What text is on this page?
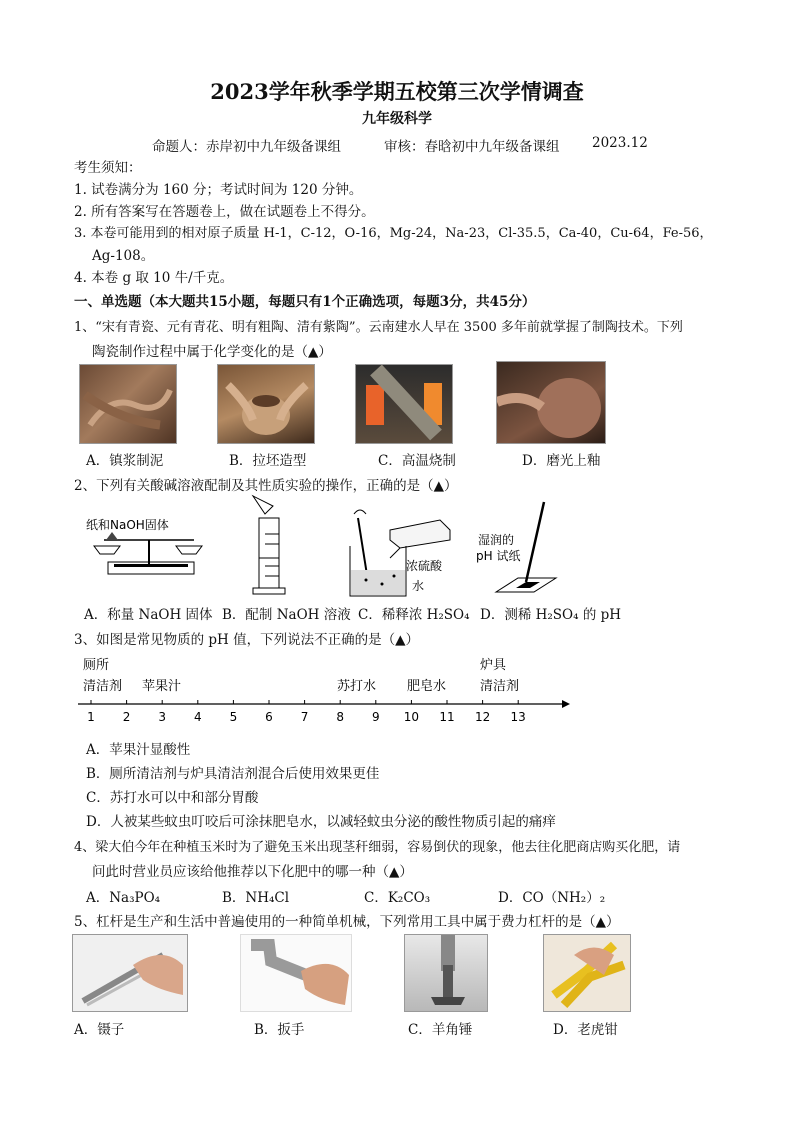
2023学年秋季学期五校第三次学情调查
九年级科学
命题人：赤岸初中九年级备课组	审核：春晗初中九年级备课组 2023.12
考生须知：
1. 试卷满分为 160 分；考试时间为 120 分钟。
2. 所有答案写在答题卷上，做在试题卷上不得分。
3. 本卷可能用到的相对原子质量 H-1，C-12，O-16，Mg-24，Na-23，Cl-35.5，Ca-40，Cu-64，Fe-56，
Ag-108。
4. 本卷 g 取 10 牛/千克。
一、单选题（本大题共15小题，每题只有1个正确选项，每题3分，共45分）
1、“宋有青瓷、元有青花、明有粗陶、清有紫陶”。云南建水人早在 3500 多年前就掌握了制陶技术。下列
陶瓷制作过程中属于化学变化的是（▲）
A．镇浆制泥	B．拉坯造型	C．高温烧制	D．磨光上釉
2、下列有关酸碱溶液配制及其性质实验的操作，正确的是（▲）
纸和NaOH固体
浓硫酸
水
湿润的
pH 试纸
A．称量 NaOH 固体 B．配制 NaOH 溶液 C．稀释浓 H₂SO₄ D．测稀 H₂SO₄ 的 pH
3、如图是常见物质的 pH 值，下列说法不正确的是（▲）
厕所
清洁剂 苹果汁	苏打水 肥皂水
炉具
清洁剂
1 2 3 4 5 6 7 8 9 10 11 12 13
A．苹果汁显酸性
B．厕所清洁剂与炉具清洁剂混合后使用效果更佳
C．苏打水可以中和部分胃酸
D．人被某些蚊虫叮咬后可涂抹肥皂水，以减轻蚊虫分泌的酸性物质引起的痛痒
4、梁大伯今年在种植玉米时为了避免玉米出现茎秆细弱，容易倒伏的现象，他去往化肥商店购买化肥，请
问此时营业员应该给他推荐以下化肥中的哪一种（▲）
A．Na₃PO₄	B．NH₄Cl	C．K₂CO₃	D．CO（NH₂）₂
5、杠杆是生产和生活中普遍使用的一种简单机械，下列常用工具中属于费力杠杆的是（▲）
A．镊子	B．扳手	C．羊角锤	D．老虎钳
